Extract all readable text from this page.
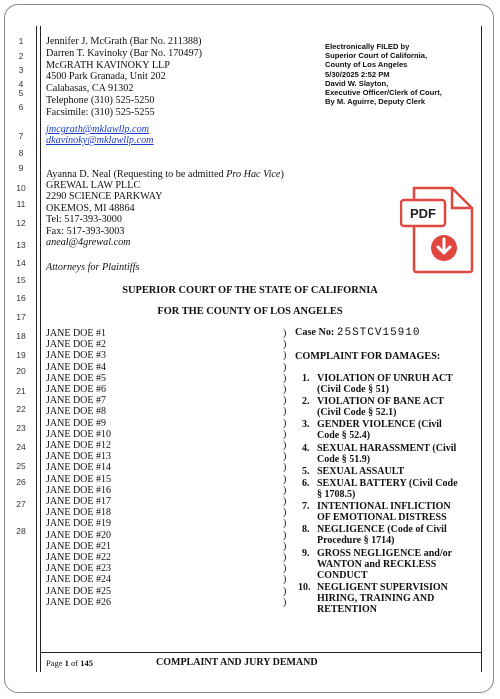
1
2
3
4
5
6
7
8
9
10
11
12
13
14
15
16
17
18
19
20
21
22
23
24
25
26
27
28
Jennifer J. McGrath (Bar No. 211388)
Darren T. Kavinoky (Bar No. 170497)
McGRATH KAVINOKY LLP
4500 Park Granada, Unit 202
Calabasas, CA 91302
Telephone (310) 525-5250
Facsimile: (310) 525-5255
jmcgrath@mklawllp.com
dkavinoky@mklawllp.com
Ayanna D. Neal (Requesting to be admitted Pro Hac Vice)
GREWAL LAW PLLC
2290 SCIENCE PARKWAY
OKEMOS, MI 48864
Tel: 517-393-3000
Fax: 517-393-3003
aneal@4grewal.com
Attorneys for Plaintiffs
Electronically FILED by
Superior Court of California,
County of Los Angeles
5/30/2025 2:52 PM
David W. Slayton,
Executive Officer/Clerk of Court,
By M. Aguirre, Deputy Clerk
SUPERIOR COURT OF THE STATE OF CALIFORNIA
FOR THE COUNTY OF LOS ANGELES
JANE DOE #1
JANE DOE #2
JANE DOE #3
JANE DOE #4
JANE DOE #5
JANE DOE #6
JANE DOE #7
JANE DOE #8
JANE DOE #9
JANE DOE #10
JANE DOE #12
JANE DOE #13
JANE DOE #14
JANE DOE #15
JANE DOE #16
JANE DOE #17
JANE DOE #18
JANE DOE #19
JANE DOE #20
JANE DOE #21
JANE DOE #22
JANE DOE #23
JANE DOE #24
JANE DOE #25
JANE DOE #26
)
)
)
)
)
)
)
)
)
)
)
)
)
)
)
)
)
)
)
)
)
)
)
)
)
Case No: 25STCV15910
COMPLAINT FOR DAMAGES:
1. VIOLATION OF UNRUH ACT
(Civil Code § 51)
2. VIOLATION OF BANE ACT
(Civil Code § 52.1)
3. GENDER VIOLENCE (Civil
Code § 52.4)
4. SEXUAL HARASSMENT (Civil
Code § 51.9)
5. SEXUAL ASSAULT
6. SEXUAL BATTERY (Civil Code
§ 1708.5)
7. INTENTIONAL INFLICTION
OF EMOTIONAL DISTRESS
8. NEGLIGENCE (Code of Civil
Procedure § 1714)
9. GROSS NEGLIGENCE and/or
WANTON and RECKLESS
CONDUCT
10. NEGLIGENT SUPERVISION
HIRING, TRAINING AND
RETENTION
Page 1 of 145	COMPLAINT AND JURY DEMAND
PDF
